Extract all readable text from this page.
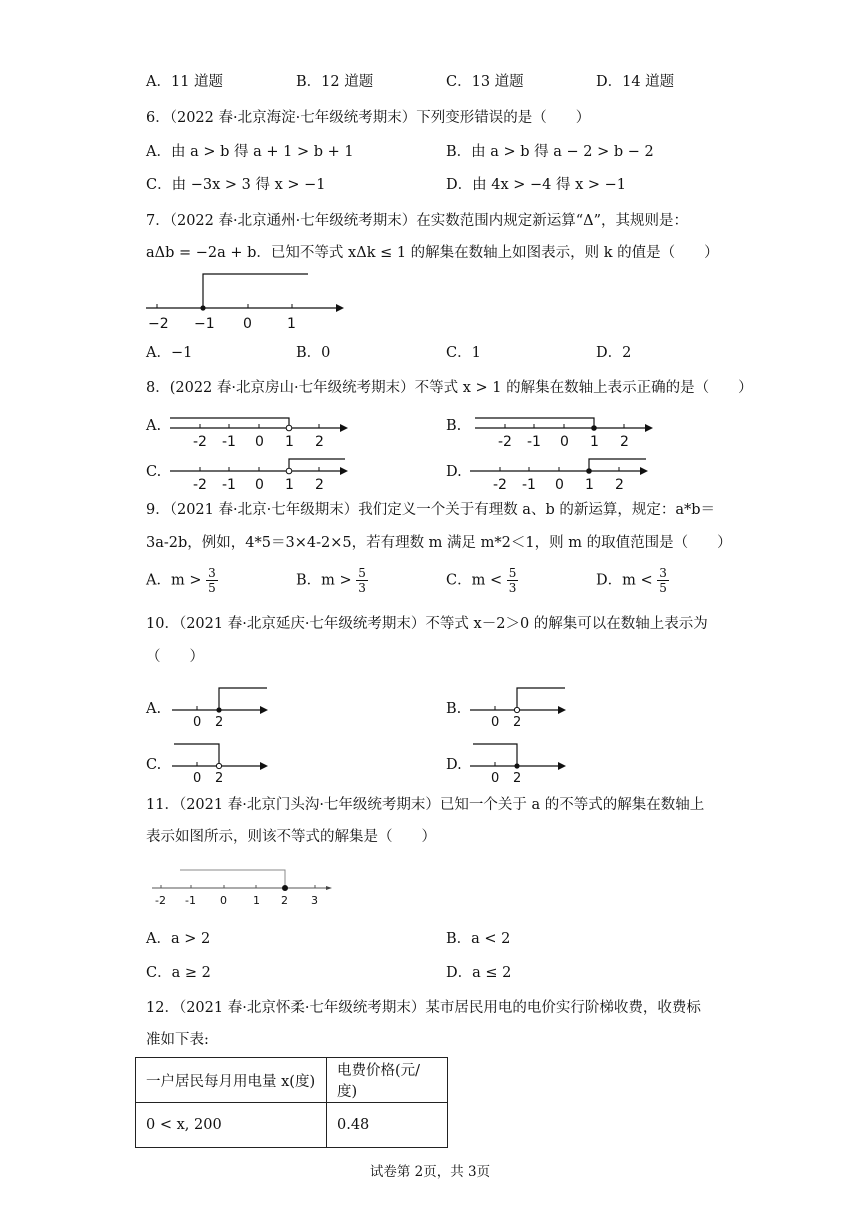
A．11 道题	B．12 道题	C．13 道题	D．14 道题
6．（2022 春·北京海淀·七年级统考期末）下列变形错误的是（　　）
A．由 a > b 得 a + 1 > b + 1	B．由 a > b 得 a − 2 > b − 2
C．由 −3x > 3 得 x > −1	D．由 4x > −4 得 x > −1
7．（2022 春·北京通州·七年级统考期末）在实数范围内规定新运算“Δ”，其规则是：
aΔb = −2a + b．已知不等式 xΔk ≤ 1 的解集在数轴上如图表示，则 k 的值是（　　）
−2 −1 0	1
A．−1	B．0	C．1	D．2
8．(2022 春·北京房山·七年级统考期末）不等式 x > 1 的解集在数轴上表示正确的是（　　）
A.
-2 -1 0 1 2
B.
-2 -1 0 1 2
C.
-2 -1 0 1 2
D.
-2 -1 0 1 2
9．（2021 春·北京·七年级期末）我们定义一个关于有理数 a、b 的新运算，规定：a*b＝
3a-2b，例如，4*5＝3×4-2×5，若有理数 m 满足 m*2＜1，则 m 的取值范围是（　　）
A．$m > \frac{3}{5}$	B．$m > \frac{5}{3}$	C．$m < \frac{5}{3}$	D．$m < \frac{3}{5}$
10．（2021 春·北京延庆·七年级统考期末）不等式 x－2＞0 的解集可以在数轴上表示为
（　　）
A.
0 2
B.
0 2
C.
0 2
D.
0 2
11．（2021 春·北京门头沟·七年级统考期末）已知一个关于 a 的不等式的解集在数轴上
表示如图所示，则该不等式的解集是（　　）
-2 -1 0 1 2 3
A．a > 2	B．a < 2
C．a ≥ 2	D．a ≤ 2
12．（2021 春·北京怀柔·七年级统考期末）某市居民用电的电价实行阶梯收费，收费标
准如下表:
一户居民每月用电量 x(度)	电费价格(元/度)
0 < x, 200	0.48
试卷第 2页，共 3页
